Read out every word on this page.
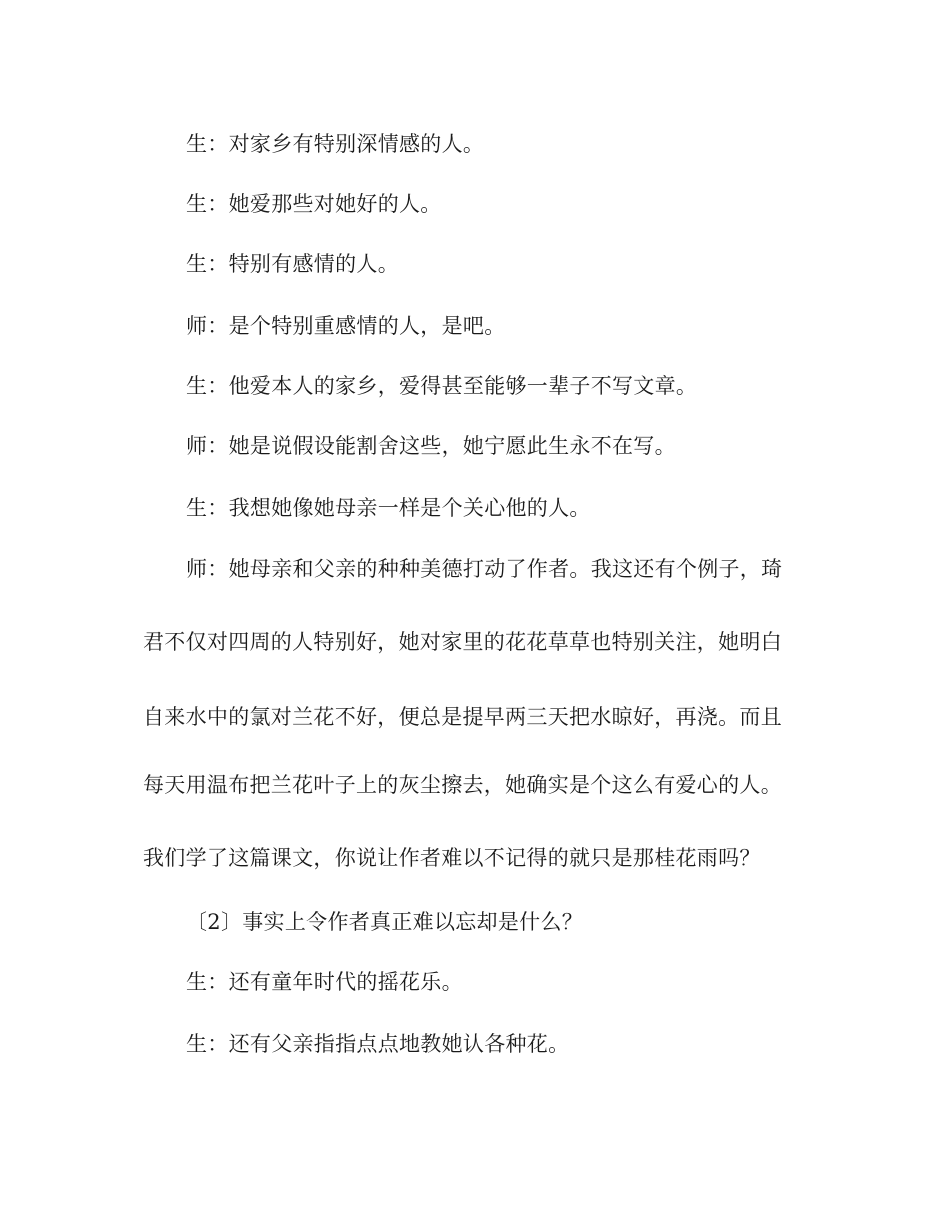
生：对家乡有特别深情感的人。
生：她爱那些对她好的人。
生：特别有感情的人。
师：是个特别重感情的人，是吧。
生：他爱本人的家乡，爱得甚至能够一辈子不写文章。
师：她是说假设能割舍这些，她宁愿此生永不在写。
生：我想她像她母亲一样是个关心他的人。
师：她母亲和父亲的种种美德打动了作者。我这还有个例子，琦
君不仅对四周的人特别好，她对家里的花花草草也特别关注，她明白
自来水中的氯对兰花不好，便总是提早两三天把水晾好，再浇。而且
每天用温布把兰花叶子上的灰尘擦去，她确实是个这么有爱心的人。
我们学了这篇课文，你说让作者难以不记得的就只是那桂花雨吗？
〔2〕事实上令作者真正难以忘却是什么？
生：还有童年时代的摇花乐。
生：还有父亲指指点点地教她认各种花。
